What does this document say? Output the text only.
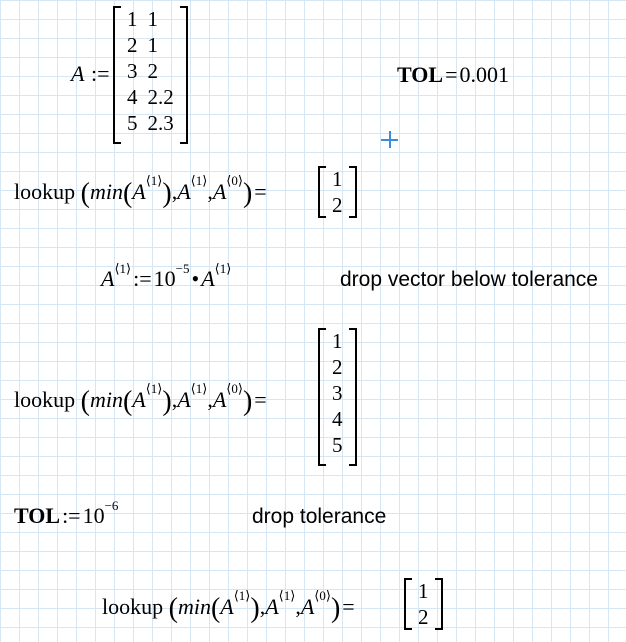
A :=
1	1
2	1
3	2
4	2.2
5	2.3
TOL=0.001
lookup $(\min(A^{⟨1⟩}),A^{⟨1⟩},A^{⟨0⟩})=$	1
2
$A^{⟨1⟩}:=10^{-5}•A^{⟨1⟩}$	drop vector below tolerance
lookup $(\min(A^{⟨1⟩}),A^{⟨1⟩},A^{⟨0⟩})=$
1
2
3
4
5
$TOL:=10^{-6}$	drop tolerance
lookup $(\min(A^{⟨1⟩}),A^{⟨1⟩},A^{⟨0⟩})=$
1
2
